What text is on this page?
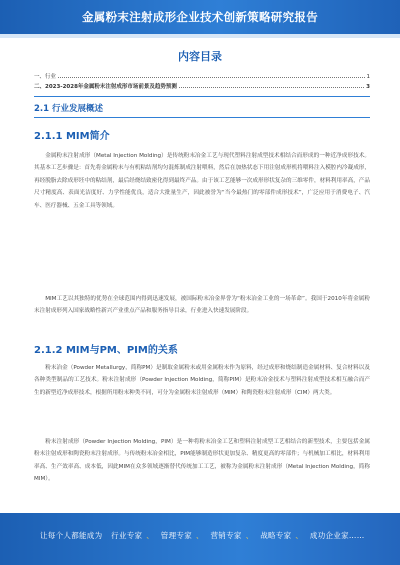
金属粉末注射成形企业技术创新策略研究报告
内容目录
一、行业	1
二、2023-2028年金属粉末注射成形市场前景及趋势预测	3
2.1 行业发展概述
2.1.1 MIM简介
金属粉末注射成形（Metal Injection Molding）是传统粉末冶金工艺与现代塑料注射成型技术相结合而形成的一种近净成形技术。其基本工艺步骤是：首先将金属粉末与有机粘结剂均匀混炼制成注射喂料，然后在加热状态下用注射成形机将喂料注入模腔内冷凝成形，再经脱脂去除成形坯中的粘结剂，最后经烧结致密化得到最终产品。由于该工艺能够一次成形形状复杂的三维零件，材料利用率高，产品尺寸精度高、表面光洁度好、力学性能优良，适合大批量生产，因此被誉为“当今最热门的零部件成形技术”，广泛应用于消费电子、汽车、医疗器械、五金工具等领域。
MIM工艺以其独特的优势在全球范围内得到迅速发展，被国际粉末冶金界誉为“粉末冶金工业的一场革命”。我国于2010年将金属粉末注射成形列入国家战略性新兴产业重点产品和服务指导目录，行业进入快速发展阶段。
2.1.2 MIM与PM、PIM的关系
粉末冶金（Powder Metallurgy，简称PM）是制取金属粉末或用金属粉末作为原料，经过成形和烧结制造金属材料、复合材料以及各种类型制品的工艺技术。粉末注射成形（Powder Injection Molding，简称PIM）是粉末冶金技术与塑料注射成型技术相互融合而产生的新型近净成形技术，根据所用粉末种类不同，可分为金属粉末注射成形（MIM）和陶瓷粉末注射成形（CIM）两大类。
粉末注射成形（Powder Injection Molding，PIM）是一种将粉末冶金工艺和塑料注射成型工艺相结合的新型技术，主要包括金属粉末注射成形和陶瓷粉末注射成形。与传统粉末冶金相比，PIM能够制造形状更加复杂、精度更高的零部件；与机械加工相比，材料利用率高、生产效率高、成本低，因此MIM在众多领域逐渐替代传统加工工艺，被称为金属粉末注射成形（Metal Injection Molding，简称MIM）。
让每个人都能成为 行业专家 、 管理专家 、 营销专家 、 战略专家 、 成功企业家……
